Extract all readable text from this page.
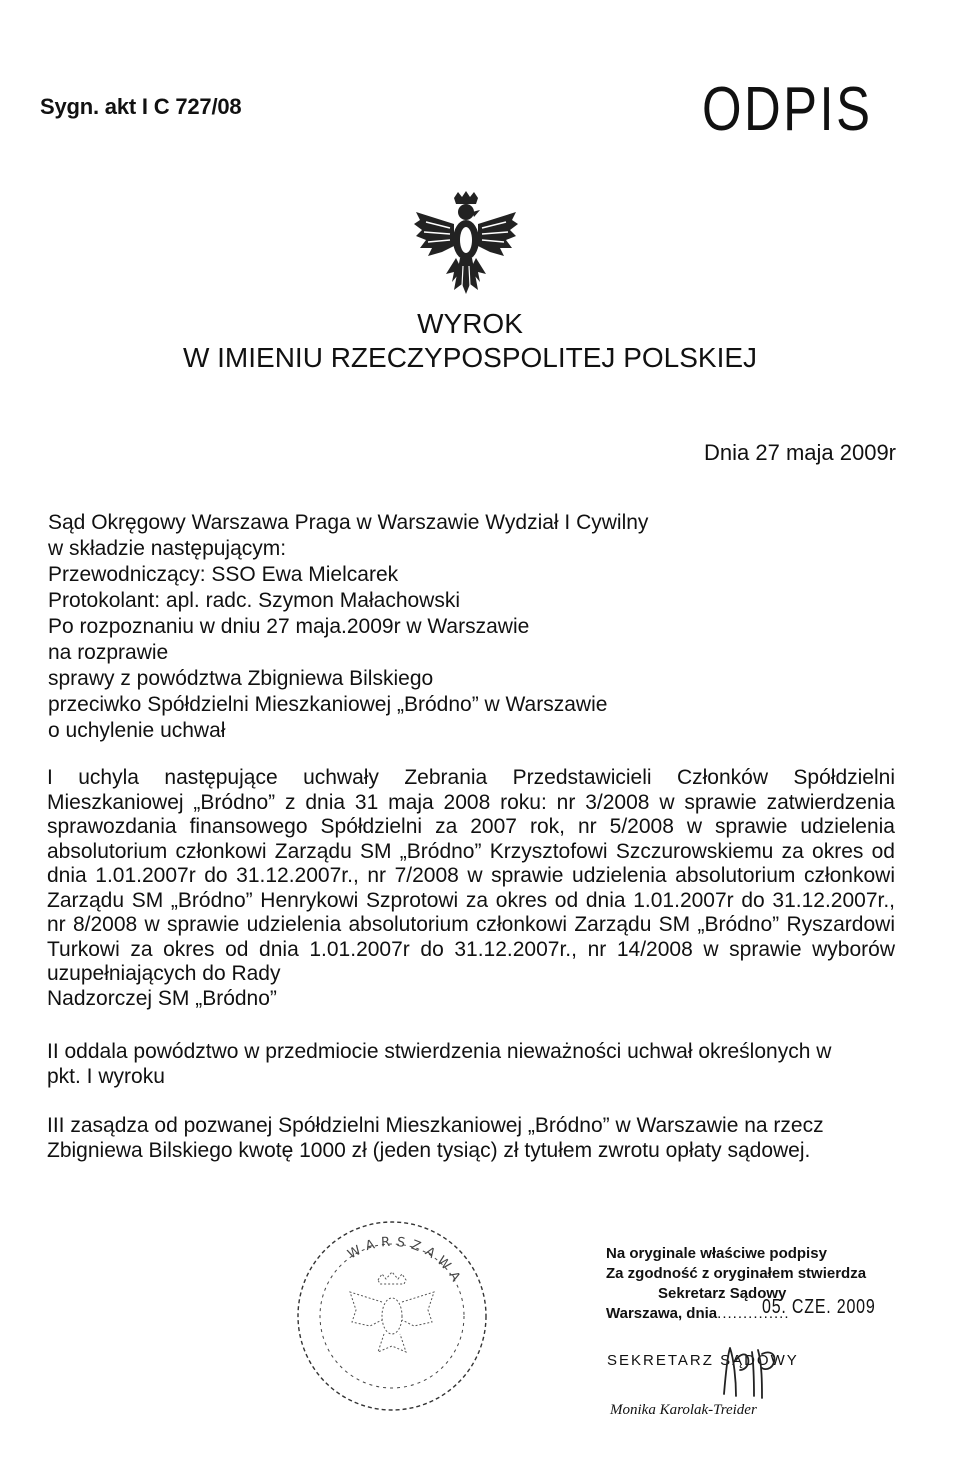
Sygn. akt I C 727/08	ODPIS
WYROK
W IMIENIU RZECZYPOSPOLITEJ POLSKIEJ
Dnia 27 maja 2009r
Sąd Okręgowy Warszawa Praga w Warszawie Wydział I Cywilny
w składzie następującym:
Przewodniczący: SSO Ewa Mielcarek
Protokolant: apl. radc. Szymon Małachowski
Po rozpoznaniu w dniu 27 maja.2009r w Warszawie
na rozprawie
sprawy z powództwa Zbigniewa Bilskiego
przeciwko Spółdzielni Mieszkaniowej „Bródno” w Warszawie
o uchylenie uchwał
I uchyla następujące uchwały Zebrania Przedstawicieli Członków Spółdzielni Mieszkaniowej „Bródno” z dnia 31 maja 2008 roku: nr 3/2008 w sprawie zatwierdzenia sprawozdania finansowego Spółdzielni za 2007 rok, nr 5/2008 w sprawie udzielenia absolutorium członkowi Zarządu SM „Bródno” Krzysztofowi Szczurowskiemu za okres od dnia 1.01.2007r do 31.12.2007r., nr 7/2008 w sprawie udzielenia absolutorium członkowi Zarządu SM „Bródno” Henrykowi Szprotowi za okres od dnia 1.01.2007r do 31.12.2007r., nr 8/2008 w sprawie udzielenia absolutorium członkowi Zarządu SM „Bródno” Ryszardowi Turkowi za okres od dnia 1.01.2007r do 31.12.2007r., nr 14/2008 w sprawie wyborów uzupełniających do Rady
Nadzorczej SM „Bródno”
II oddala powództwo w przedmiocie stwierdzenia nieważności uchwał określonych w
pkt. I wyroku
III zasądza od pozwanej Spółdzielni Mieszkaniowej „Bródno” w Warszawie na rzecz
Zbigniewa Bilskiego kwotę 1000 zł (jeden tysiąc) zł tytułem zwrotu opłaty sądowej.
WARSZAWA
Na oryginale właściwe podpisy
Za zgodność z oryginałem stwierdza
Sekretarz Sądowy
Warszawa, dnia..............
05. CZE. 2009
SEKRETARZ SĄDOWY
Monika Karolak-Treider
